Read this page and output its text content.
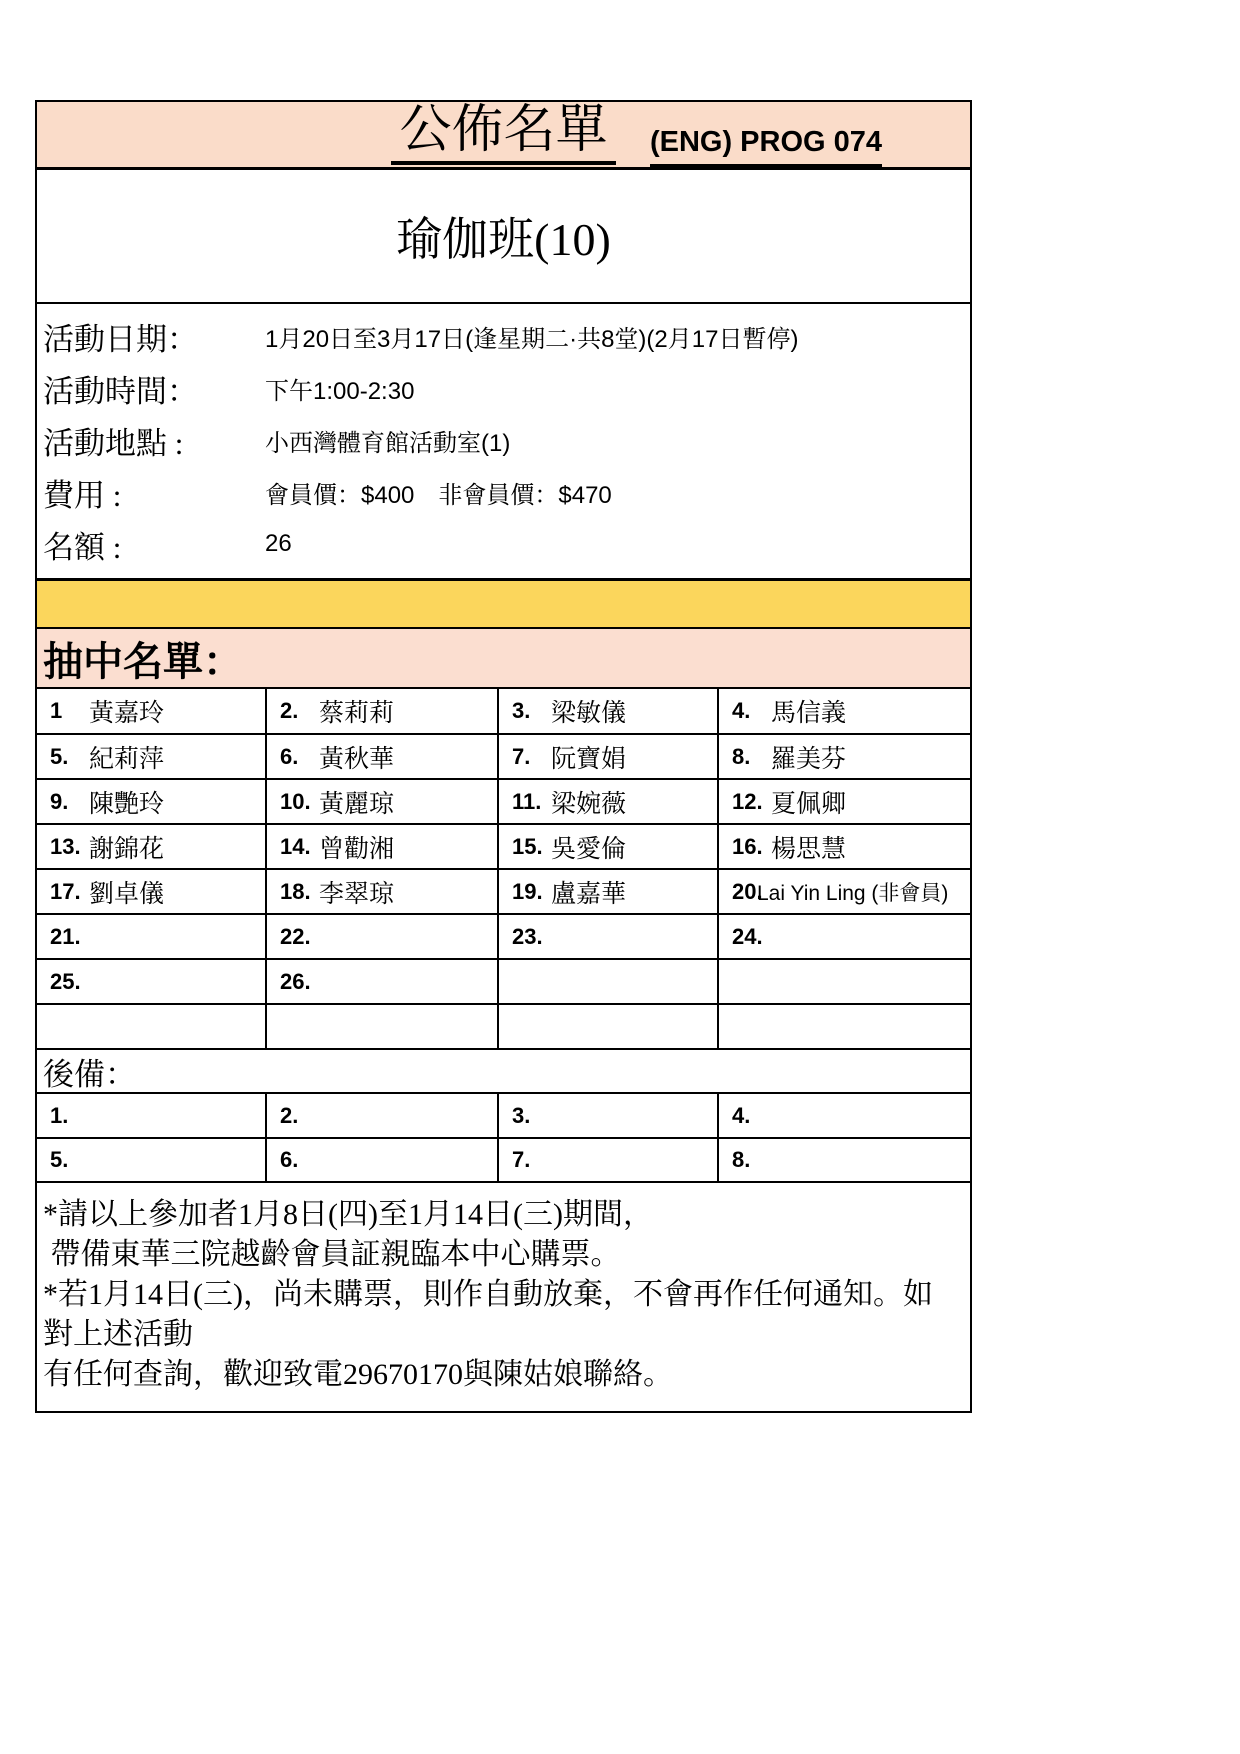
公佈名單 (ENG) PROG 074
瑜伽班(10)
活動日期：	1月20日至3月17日(逢星期二·共8堂)(2月17日暫停)
活動時間：	下午1:00-2:30
活動地點 :	小西灣體育館活動室(1)
費用 :	會員價：$400　非會員價：$470
名額 :	26
抽中名單：
1 黃嘉玲	2. 蔡莉莉	3. 梁敏儀	4. 馬信義

5. 紀莉萍	6. 黃秋華	7. 阮寶娟	8. 羅美芬

9. 陳艷玲	10. 黃麗琼	11. 梁婉薇	12. 夏佩卿

13. 謝錦花	14. 曾勸湘	15. 吳愛倫	16. 楊思慧

17. 劉卓儀	18. 李翠琼	19. 盧嘉華	20.
Lai Yin Ling (非會員)

21.	22.	23.	24.

25.	26.		

後備：
1.	2.	3.	4.

5.	6.	7.	8.
*請以上參加者1月8日(四)至1月14日(三)期間，
帶備東華三院越齡會員証親臨本中心購票。
*若1月14日(三)，尚未購票，則作自動放棄，不會再作任何通知。如對上述活動
有任何查詢，歡迎致電29670170與陳姑娘聯絡。
